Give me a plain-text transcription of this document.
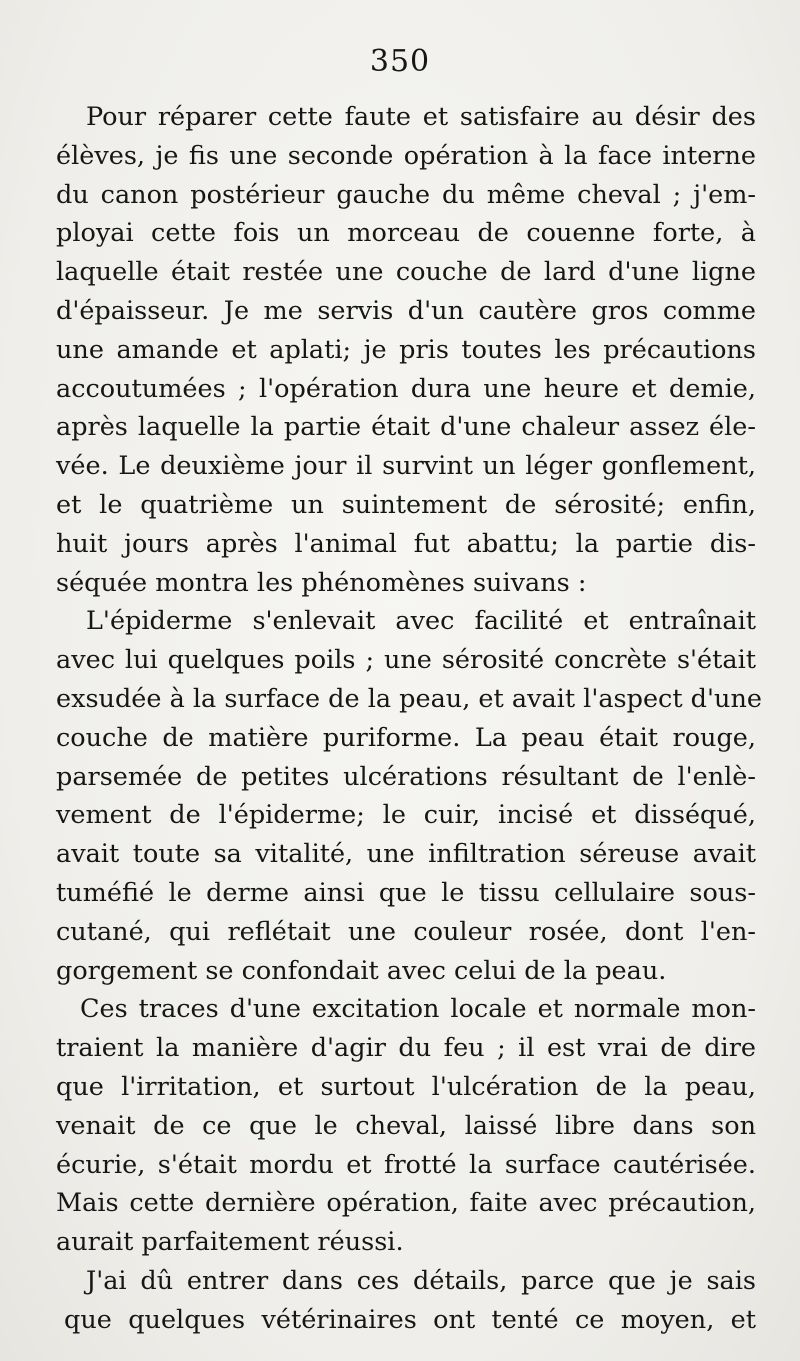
350
Pour réparer cette faute et satisfaire au désir des
élèves, je fis une seconde opération à la face interne
du canon postérieur gauche du même cheval ; j'em-
ployai cette fois un morceau de couenne forte, à
laquelle était restée une couche de lard d'une ligne
d'épaisseur. Je me servis d'un cautère gros comme
une amande et aplati; je pris toutes les précautions
accoutumées ; l'opération dura une heure et demie,
après laquelle la partie était d'une chaleur assez éle-
vée. Le deuxième jour il survint un léger gonflement,
et le quatrième un suintement de sérosité; enfin,
huit jours après l'animal fut abattu; la partie dis-
séquée montra les phénomènes suivans :
L'épiderme s'enlevait avec facilité et entraînait
avec lui quelques poils ; une sérosité concrète s'était
exsudée à la surface de la peau, et avait l'aspect d'une
couche de matière puriforme. La peau était rouge,
parsemée de petites ulcérations résultant de l'enlè-
vement de l'épiderme; le cuir, incisé et disséqué,
avait toute sa vitalité, une infiltration séreuse avait
tuméfié le derme ainsi que le tissu cellulaire sous-
cutané, qui reflétait une couleur rosée, dont l'en-
gorgement se confondait avec celui de la peau.
Ces traces d'une excitation locale et normale mon-
traient la manière d'agir du feu ; il est vrai de dire
que l'irritation, et surtout l'ulcération de la peau,
venait de ce que le cheval, laissé libre dans son
écurie, s'était mordu et frotté la surface cautérisée.
Mais cette dernière opération, faite avec précaution,
aurait parfaitement réussi.
J'ai dû entrer dans ces détails, parce que je sais
que quelques vétérinaires ont tenté ce moyen, et
